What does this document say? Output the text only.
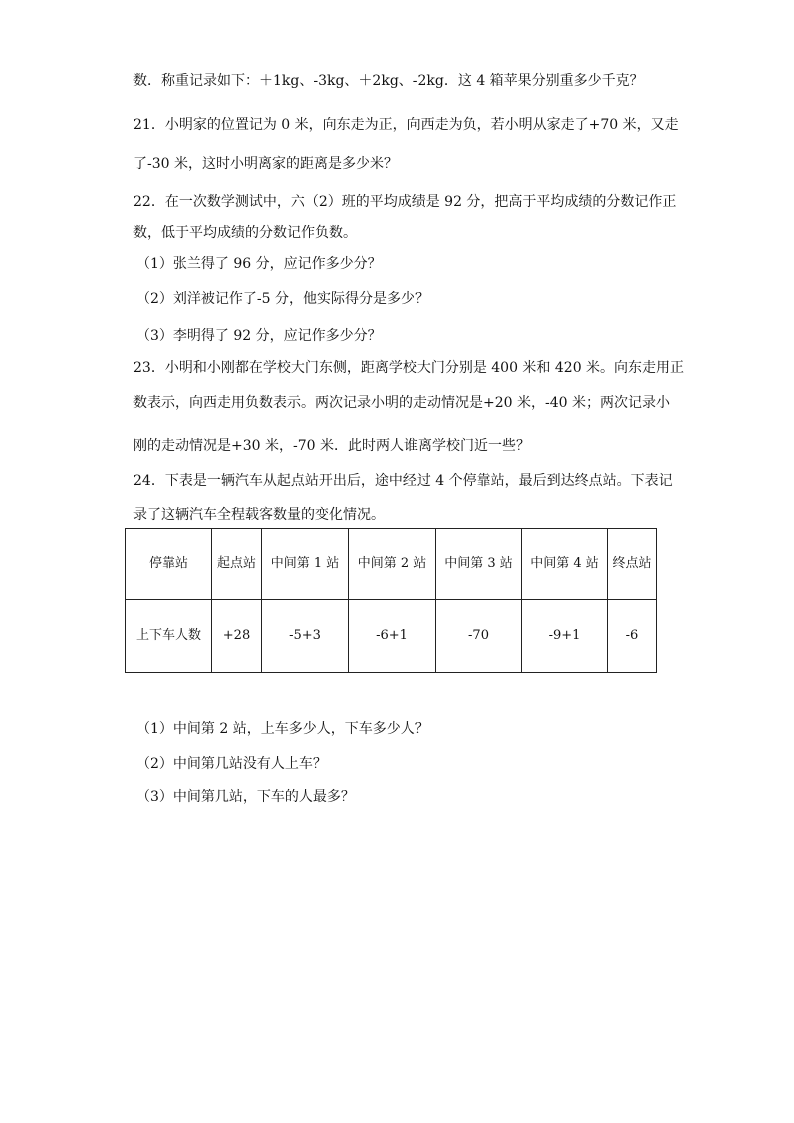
数．称重记录如下：＋1kg、-3kg、＋2kg、-2kg．这 4 箱苹果分别重多少千克？

21．小明家的位置记为 0 米，向东走为正，向西走为负，若小明从家走了+70 米，又走

了-30 米，这时小明离家的距离是多少米？

22．在一次数学测试中，六（2）班的平均成绩是 92 分，把高于平均成绩的分数记作正

数，低于平均成绩的分数记作负数。

（1）张兰得了 96 分，应记作多少分？

（2）刘洋被记作了-5 分，他实际得分是多少？

（3）李明得了 92 分，应记作多少分？

23．小明和小刚都在学校大门东侧，距离学校大门分别是 400 米和 420 米。向东走用正

数表示，向西走用负数表示。两次记录小明的走动情况是+20 米，-40 米；两次记录小

刚的走动情况是+30 米，-70 米．此时两人谁离学校门近一些？

24．下表是一辆汽车从起点站开出后，途中经过 4 个停靠站，最后到达终点站。下表记

录了这辆汽车全程载客数量的变化情况。

停靠站	起点站	中间第 1 站	中间第 2 站	中间第 3 站	中间第 4 站	终点站
上下车人数	+28	-5+3	-6+1	-70	-9+1	-6

（1）中间第 2 站，上车多少人，下车多少人？

（2）中间第几站没有人上车？

（3）中间第几站，下车的人最多？
